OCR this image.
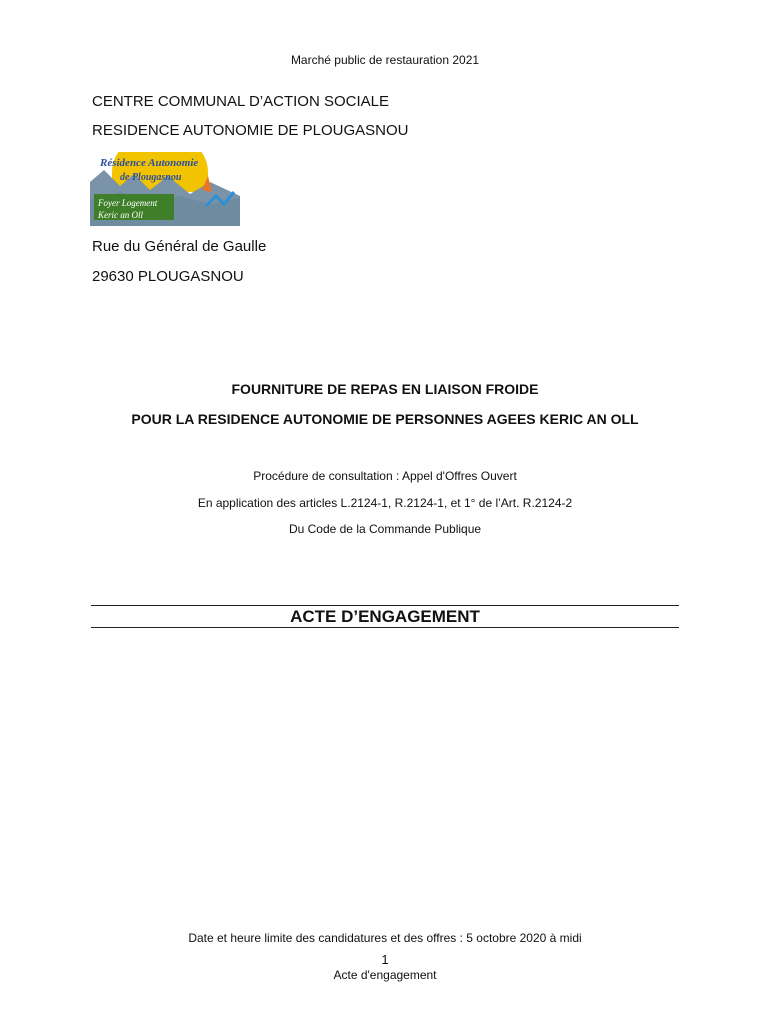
Marché public de restauration 2021
CENTRE COMMUNAL D’ACTION SOCIALE
RESIDENCE AUTONOMIE DE PLOUGASNOU
Résidence Autonomie
de Plougasnou
Foyer Logement
Keric an Oll
Rue du Général de Gaulle
29630 PLOUGASNOU
FOURNITURE DE REPAS EN LIAISON FROIDE
POUR LA RESIDENCE AUTONOMIE DE PERSONNES AGEES KERIC AN OLL
Procédure de consultation : Appel d'Offres Ouvert
En application des articles L.2124-1, R.2124-1, et 1° de l’Art. R.2124-2
Du Code de la Commande Publique
ACTE D’ENGAGEMENT
Date et heure limite des candidatures et des offres : 5 octobre 2020 à midi
1
Acte d'engagement
